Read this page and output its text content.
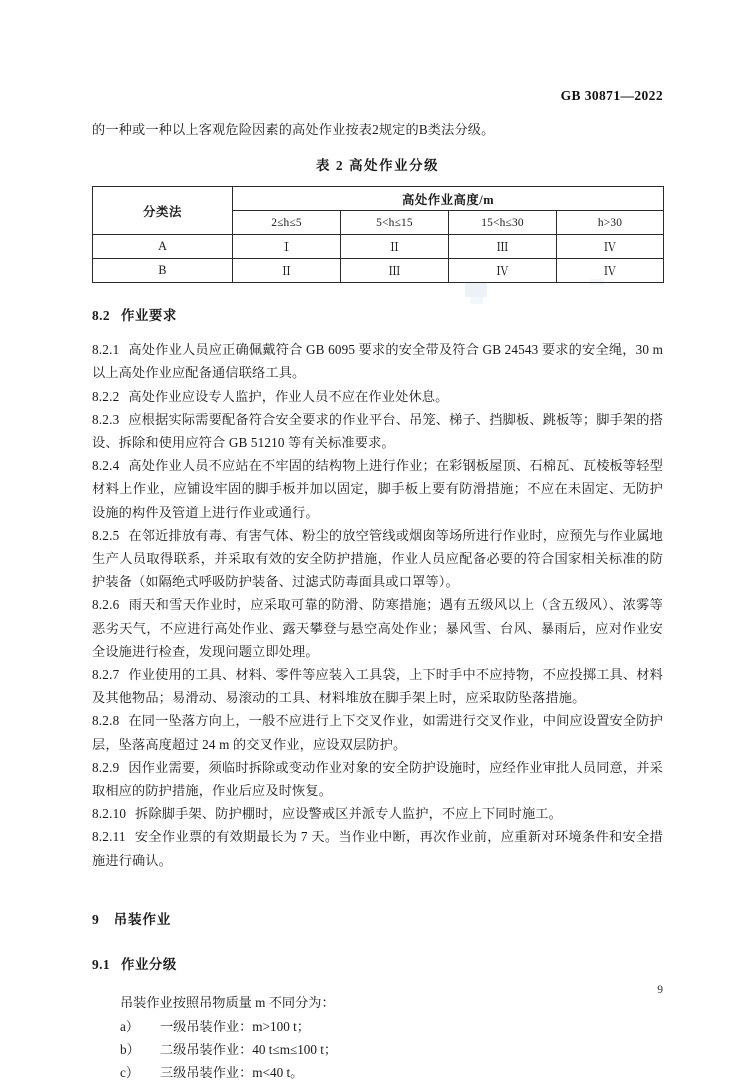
GB 30871—2022

的一种或一种以上客观危险因素的高处作业按表2规定的B类法分级。

表 2 高处作业分级
分类法	高处作业高度/m			
	2≤h≤5	5<h≤15	15<h≤30	h>30
A	Ⅰ	Ⅱ	Ⅲ	Ⅳ
B	Ⅱ	Ⅲ	Ⅳ	Ⅳ
8.2 作业要求

8.2.1 高处作业人员应正确佩戴符合 GB 6095 要求的安全带及符合 GB 24543 要求的安全绳，30 m 以上高处作业应配备通信联络工具。

8.2.2 高处作业应设专人监护，作业人员不应在作业处休息。

8.2.3 应根据实际需要配备符合安全要求的作业平台、吊笼、梯子、挡脚板、跳板等；脚手架的搭设、拆除和使用应符合 GB 51210 等有关标准要求。

8.2.4 高处作业人员不应站在不牢固的结构物上进行作业；在彩钢板屋顶、石棉瓦、瓦棱板等轻型材料上作业，应铺设牢固的脚手板并加以固定，脚手板上要有防滑措施；不应在未固定、无防护设施的构件及管道上进行作业或通行。

8.2.5 在邻近排放有毒、有害气体、粉尘的放空管线或烟囱等场所进行作业时，应预先与作业属地生产人员取得联系，并采取有效的安全防护措施，作业人员应配备必要的符合国家相关标准的防护装备（如隔绝式呼吸防护装备、过滤式防毒面具或口罩等）。

8.2.6 雨天和雪天作业时，应采取可靠的防滑、防寒措施；遇有五级风以上（含五级风）、浓雾等恶劣天气，不应进行高处作业、露天攀登与悬空高处作业；暴风雪、台风、暴雨后，应对作业安全设施进行检查，发现问题立即处理。

8.2.7 作业使用的工具、材料、零件等应装入工具袋，上下时手中不应持物，不应投掷工具、材料及其他物品；易滑动、易滚动的工具、材料堆放在脚手架上时，应采取防坠落措施。

8.2.8 在同一坠落方向上，一般不应进行上下交叉作业，如需进行交叉作业，中间应设置安全防护层，坠落高度超过 24 m 的交叉作业，应设双层防护。

8.2.9 因作业需要，须临时拆除或变动作业对象的安全防护设施时，应经作业审批人员同意，并采取相应的防护措施，作业后应及时恢复。

8.2.10 拆除脚手架、防护棚时，应设警戒区并派专人监护，不应上下同时施工。

8.2.11 安全作业票的有效期最长为 7 天。当作业中断，再次作业前，应重新对环境条件和安全措施进行确认。

9 吊装作业
9.1 作业分级

吊装作业按照吊物质量 m 不同分为：

a）	一级吊装作业：m>100 t；
b）	二级吊装作业：40 t≤m≤100 t；
c）	三级吊装作业：m<40 t。
9
